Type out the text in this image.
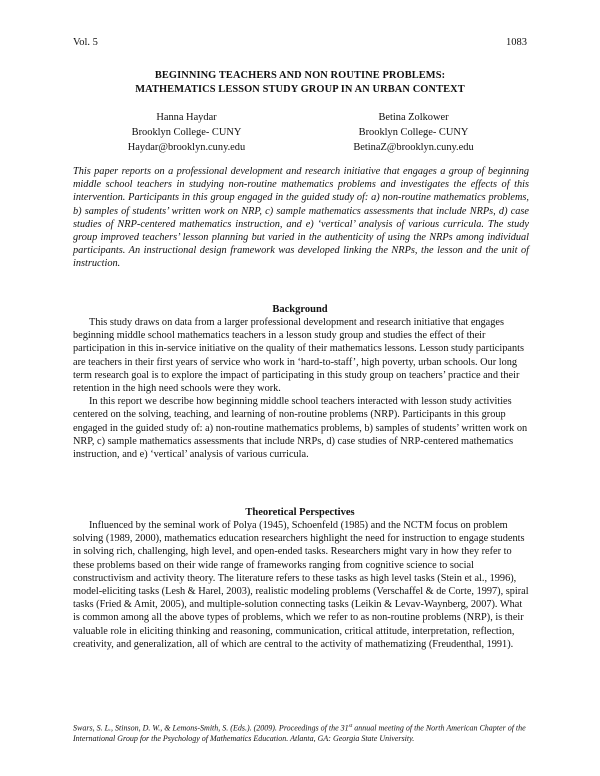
Vol. 5	1083
BEGINNING TEACHERS AND NON ROUTINE PROBLEMS:
MATHEMATICS LESSON STUDY GROUP IN AN URBAN CONTEXT
Hanna Haydar
Brooklyn College- CUNY
Haydar@brooklyn.cuny.edu
Betina Zolkower
Brooklyn College- CUNY
BetinaZ@brooklyn.cuny.edu

This paper reports on a professional development and research initiative that engages a group of beginning middle school teachers in studying non-routine mathematics problems and investigates the effects of this intervention. Participants in this group engaged in the guided study of: a) non-routine mathematics problems, b) samples of students’ written work on NRP, c) sample mathematics assessments that include NRPs, d) case studies of NRP-centered mathematics instruction, and e) ‘vertical’ analysis of various curricula. The study group improved teachers’ lesson planning but varied in the authenticity of using the NRPs among individual participants. An instructional design framework was developed linking the NRPs, the lesson and the unit of instruction.

Background

This study draws on data from a larger professional development and research initiative that engages beginning middle school mathematics teachers in a lesson study group and studies the effect of their participation in this in-service initiative on the quality of their mathematics lessons. Lesson study participants are teachers in their first years of service who work in ‘hard-to-staff’, high poverty, urban schools. Our long term research goal is to explore the impact of participating in this study group on teachers’ practice and their retention in the high need schools were they work.

In this report we describe how beginning middle school teachers interacted with lesson study activities centered on the solving, teaching, and learning of non-routine problems (NRP). Participants in this group engaged in the guided study of: a) non-routine mathematics problems, b) samples of students’ written work on NRP, c) sample mathematics assessments that include NRPs, d) case studies of NRP-centered mathematics instruction, and e) ‘vertical’ analysis of various curricula.

Theoretical Perspectives

Influenced by the seminal work of Polya (1945), Schoenfeld (1985) and the NCTM focus on problem solving (1989, 2000), mathematics education researchers highlight the need for instruction to engage students in solving rich, challenging, high level, and open-ended tasks. Researchers might vary in how they refer to these problems based on their wide range of frameworks ranging from cognitive science to social constructivism and activity theory. The literature refers to these tasks as high level tasks (Stein et al., 1996), model-eliciting tasks (Lesh & Harel, 2003), realistic modeling problems (Verschaffel & de Corte, 1997), spiral tasks (Fried & Amit, 2005), and multiple-solution connecting tasks (Leikin & Levav-Waynberg, 2007). What is common among all the above types of problems, which we refer to as non-routine problems (NRP), is their valuable role in eliciting thinking and reasoning, communication, critical attitude, interpretation, reflection, creativity, and generalization, all of which are central to the activity of mathematizing (Freudenthal, 1991).

Swars, S. L., Stinson, D. W., & Lemons-Smith, S. (Eds.). (2009). Proceedings of the 31st annual meeting of the North American Chapter of the International Group for the Psychology of Mathematics Education. Atlanta, GA: Georgia State University.
